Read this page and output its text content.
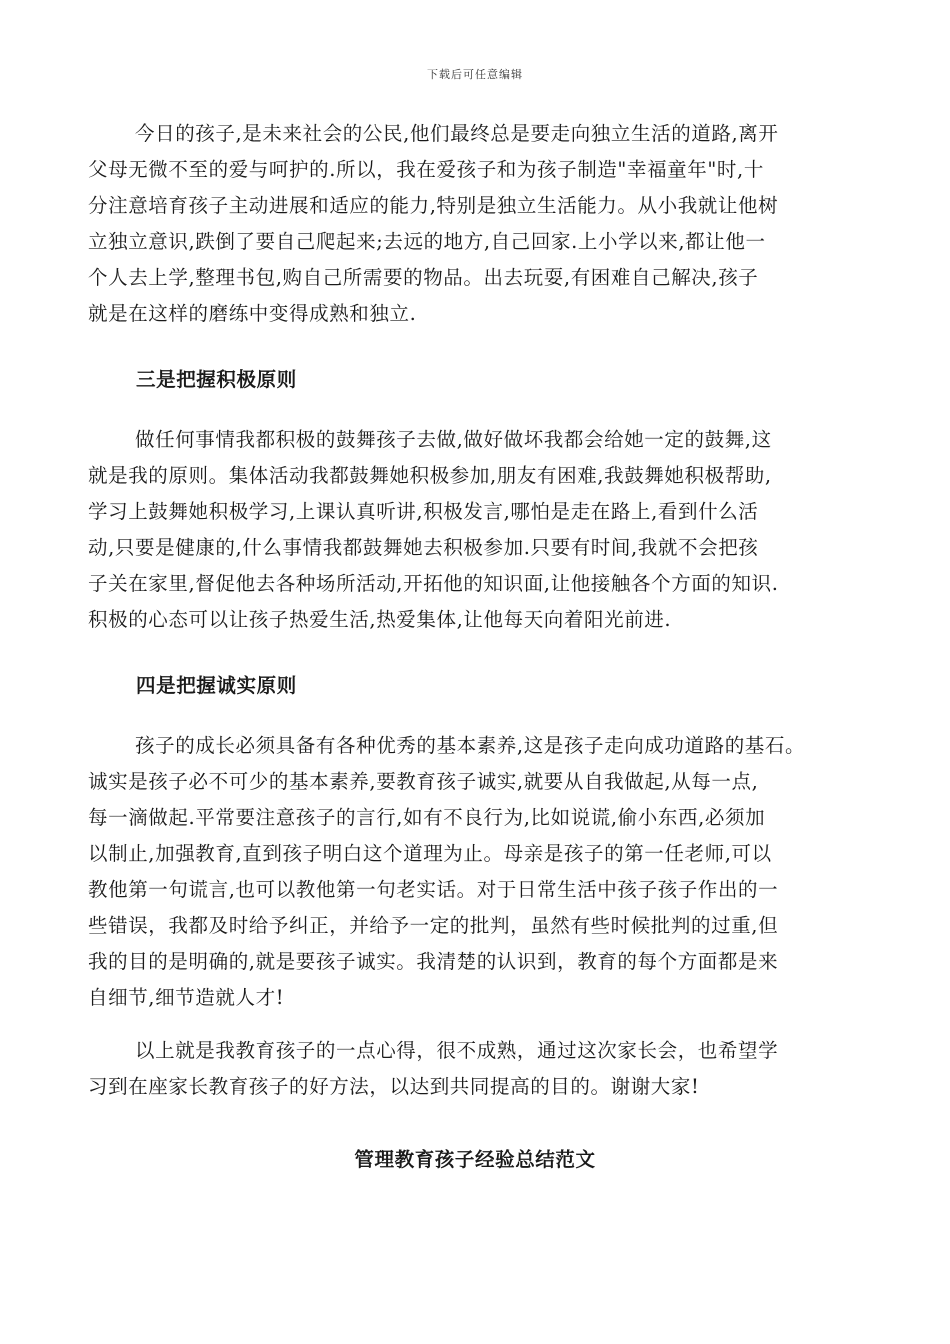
下载后可任意编辑
今日的孩子,是未来社会的公民,他们最终总是要走向独立生活的道路,离开
父母无微不至的爱与呵护的.所以，我在爱孩子和为孩子制造"幸福童年"时,十
分注意培育孩子主动进展和适应的能力,特别是独立生活能力。从小我就让他树
立独立意识,跌倒了要自己爬起来;去远的地方,自己回家.上小学以来,都让他一
个人去上学,整理书包,购自己所需要的物品。出去玩耍,有困难自己解决,孩子
就是在这样的磨练中变得成熟和独立.
三是把握积极原则
做任何事情我都积极的鼓舞孩子去做,做好做坏我都会给她一定的鼓舞,这
就是我的原则。集体活动我都鼓舞她积极参加,朋友有困难,我鼓舞她积极帮助,
学习上鼓舞她积极学习,上课认真听讲,积极发言,哪怕是走在路上,看到什么活
动,只要是健康的,什么事情我都鼓舞她去积极参加.只要有时间,我就不会把孩
子关在家里,督促他去各种场所活动,开拓他的知识面,让他接触各个方面的知识.
积极的心态可以让孩子热爱生活,热爱集体,让他每天向着阳光前进.
四是把握诚实原则
孩子的成长必须具备有各种优秀的基本素养,这是孩子走向成功道路的基石。
诚实是孩子必不可少的基本素养,要教育孩子诚实,就要从自我做起,从每一点,
每一滴做起.平常要注意孩子的言行,如有不良行为,比如说谎,偷小东西,必须加
以制止,加强教育,直到孩子明白这个道理为止。母亲是孩子的第一任老师,可以
教他第一句谎言,也可以教他第一句老实话。对于日常生活中孩子孩子作出的一
些错误，我都及时给予纠正，并给予一定的批判，虽然有些时候批判的过重,但
我的目的是明确的,就是要孩子诚实。我清楚的认识到，教育的每个方面都是来
自细节,细节造就人才!
以上就是我教育孩子的一点心得，很不成熟，通过这次家长会，也希望学
习到在座家长教育孩子的好方法，以达到共同提高的目的。谢谢大家!
管理教育孩子经验总结范文
